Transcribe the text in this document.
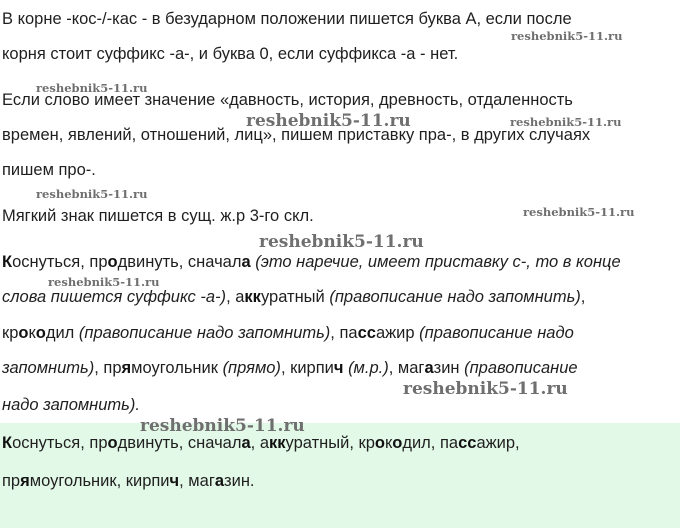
В корне -кос-/-кас - в безударном положении пишется буква А, если после
корня стоит суффикс -а-, и буква 0, если суффикса -а - нет.
Если слово имеет значение «давность, история, древность, отдаленность
времен, явлений, отношений, лиц», пишем приставку пра-, в других случаях
пишем про-.
Мягкий знак пишется в сущ. ж.р 3-го скл.
Коснуться, продвинуть, сначала (это наречие, имеет приставку с-, то в конце
слова пишется суффикс -а-), аккуратный (правописание надо запомнить),
крокодил (правописание надо запомнить), пассажир (правописание надо
запомнить), прямоугольник (прямо), кирпич (м.р.), магазин (правописание
надо запомнить).
Коснуться, продвинуть, сначала, аккуратный, крокодил, пассажир,
прямоугольник, кирпич, магазин.
reshebnik5-11.ru
reshebnik5-11.ru
reshebnik5-11.ru	reshebnik5-11.ru
reshebnik5-11.ru
reshebnik5-11.ru
reshebnik5-11.ru
reshebnik5-11.ru
reshebnik5-11.ru
reshebnik5-11.ru
